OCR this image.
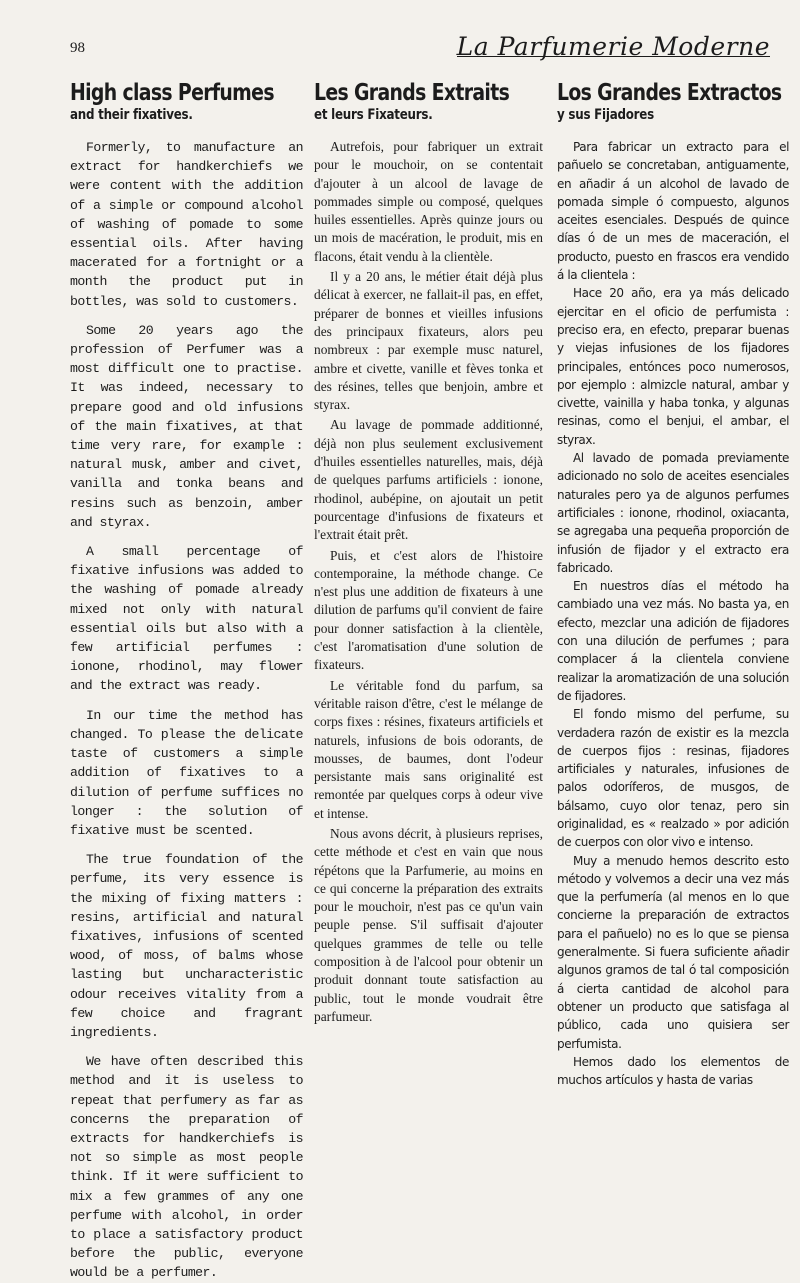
98	La Parfumerie Moderne
High class Perfumes
and their fixatives.

Formerly, to manufacture an extract for handkerchiefs we were content with the addition of a simple or compound alcohol of washing of pomade to some essential oils. After having macerated for a fortnight or a month the product put in bottles, was sold to customers.

Some 20 years ago the profession of Perfumer was a most difficult one to practise. It was indeed, necessary to prepare good and old infusions of the main fixatives, at that time very rare, for example : natural musk, amber and civet, vanilla and tonka beans and resins such as benzoin, amber and styrax.

A small percentage of fixative infusions was added to the washing of pomade already mixed not only with natural essential oils but also with a few artificial perfumes : ionone, rhodinol, may flower and the extract was ready.

In our time the method has changed. To please the delicate taste of customers a simple addition of fixatives to a dilution of perfume suffices no longer : the solution of fixative must be scented.

The true foundation of the perfume, its very essence is the mixing of fixing matters : resins, artificial and natural fixatives, infusions of scented wood, of moss, of balms whose lasting but uncharacteristic odour receives vitality from a few choice and fragrant ingredients.

We have often described this method and it is useless to repeat that perfumery as far as concerns the preparation of extracts for handkerchiefs is not so simple as most people think. If it were sufficient to mix a few grammes of any one perfume with alcohol, in order to place a satisfactory product before the public, everyone would be a perfumer.

Les Grands Extraits
et leurs Fixateurs.

Autrefois, pour fabriquer un extrait pour le mouchoir, on se contentait d'ajouter à un alcool de lavage de pommades simple ou composé, quelques huiles essentielles. Après quinze jours ou un mois de macération, le produit, mis en flacons, était vendu à la clientèle.

Il y a 20 ans, le métier était déjà plus délicat à exercer, ne fallait-il pas, en effet, préparer de bonnes et vieilles infusions des principaux fixateurs, alors peu nombreux : par exemple musc naturel, ambre et civette, vanille et fèves tonka et des résines, telles que benjoin, ambre et styrax.

Au lavage de pommade additionné, déjà non plus seulement exclusivement d'huiles essentielles naturelles, mais, déjà de quelques parfums artificiels : ionone, rhodinol, aubépine, on ajoutait un petit pourcentage d'infusions de fixateurs et l'extrait était prêt.

Puis, et c'est alors de l'histoire contemporaine, la méthode change. Ce n'est plus une addition de fixateurs à une dilution de parfums qu'il convient de faire pour donner satisfaction à la clientèle, c'est l'aromatisation d'une solution de fixateurs.

Le véritable fond du parfum, sa véritable raison d'être, c'est le mélange de corps fixes : résines, fixateurs artificiels et naturels, infusions de bois odorants, de mousses, de baumes, dont l'odeur persistante mais sans originalité est remontée par quelques corps à odeur vive et intense.

Nous avons décrit, à plusieurs reprises, cette méthode et c'est en vain que nous répétons que la Parfumerie, au moins en ce qui concerne la préparation des extraits pour le mouchoir, n'est pas ce qu'un vain peuple pense. S'il suffisait d'ajouter quelques grammes de telle ou telle composition à de l'alcool pour obtenir un produit donnant toute satisfaction au public, tout le monde voudrait être parfumeur.

Los Grandes Extractos
y sus Fijadores

Para fabricar un extracto para el pañuelo se concretaban, antiguamente, en añadir á un alcohol de lavado de pomada simple ó compuesto, algunos aceites esenciales. Después de quince días ó de un mes de maceración, el producto, puesto en frascos era vendido á la clientela :

Hace 20 año, era ya más delicado ejercitar en el oficio de perfumista : preciso era, en efecto, preparar buenas y viejas infusiones de los fijadores principales, entónces poco numerosos, por ejemplo : almizcle natural, ambar y civette, vainilla y haba tonka, y algunas resinas, como el benjui, el ambar, el styrax.

Al lavado de pomada previamente adicionado no solo de aceites esenciales naturales pero ya de algunos perfumes artificiales : ionone, rhodinol, oxiacanta, se agregaba una pequeña proporción de infusión de fijador y el extracto era fabricado.

En nuestros días el método ha cambiado una vez más. No basta ya, en efecto, mezclar una adición de fijadores con una dilución de perfumes ; para complacer á la clientela conviene realizar la aromatización de una solución de fijadores.

El fondo mismo del perfume, su verdadera razón de existir es la mezcla de cuerpos fijos : resinas, fijadores artificiales y naturales, infusiones de palos odoríferos, de musgos, de bálsamo, cuyo olor tenaz, pero sin originalidad, es « realzado » por adición de cuerpos con olor vivo e intenso.

Muy a menudo hemos descrito esto método y volvemos a decir una vez más que la perfumería (al menos en lo que concierne la preparación de extractos para el pañuelo) no es lo que se piensa generalmente. Si fuera suficiente añadir algunos gramos de tal ó tal composición á cierta cantidad de alcohol para obtener un producto que satisfaga al público, cada uno quisiera ser perfumista.

Hemos dado los elementos de muchos artículos y hasta de varias
